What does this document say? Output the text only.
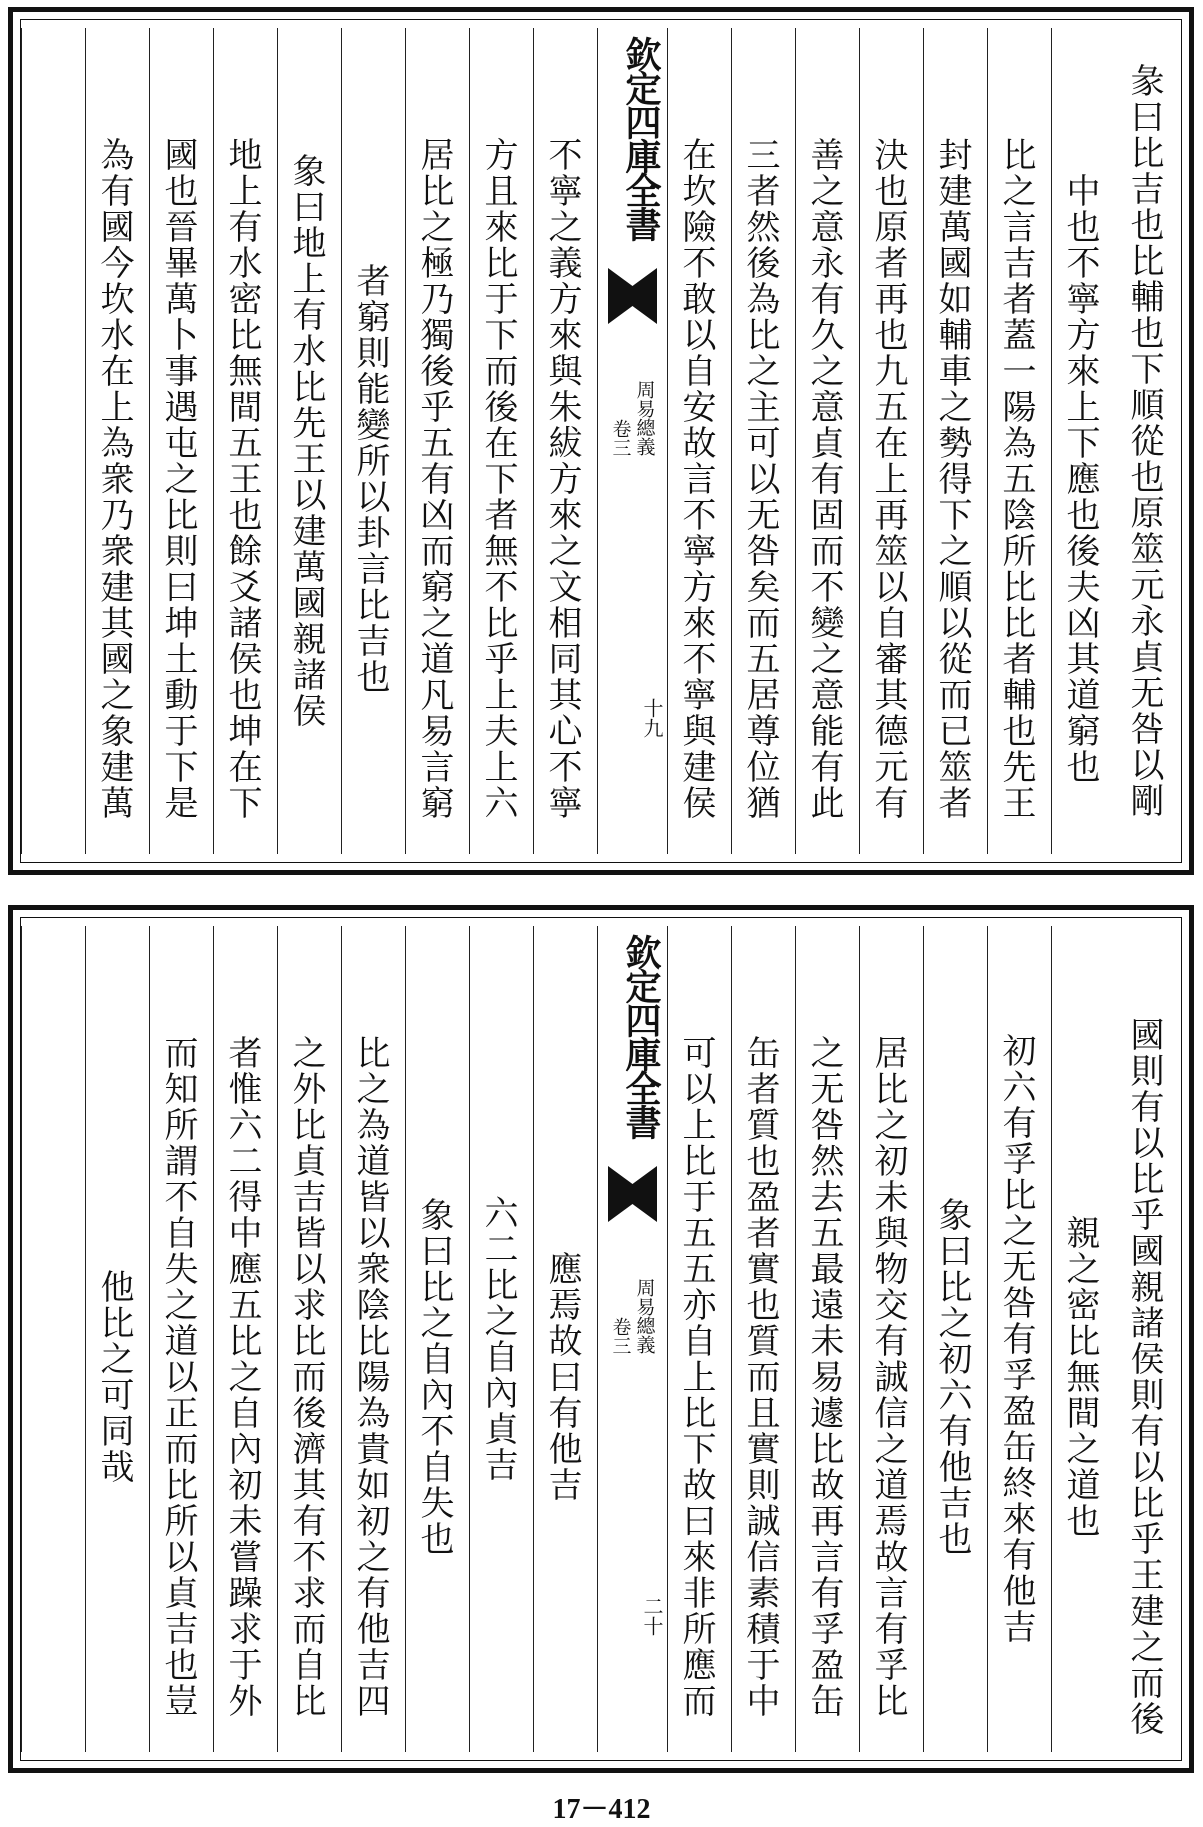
彖曰比吉也比輔也下順從也原筮元永貞无咎以剛
中也不寧方來上下應也後夫凶其道窮也
比之言吉者蓋一陽為五陰所比比者輔也先王
封建萬國如輔車之勢得下之順以從而已筮者
決也原者再也九五在上再筮以自審其德元有
善之意永有久之意貞有固而不變之意能有此
三者然後為比之主可以无咎矣而五居尊位猶
在坎險不敢以自安故言不寧方來不寧與建侯
欽定四庫全書
周易總義
卷三
十九
不寧之義方來與朱紱方來之文相同其心不寧
方且來比于下而後在下者無不比乎上夫上六
居比之極乃獨後乎五有凶而窮之道凡易言窮
者窮則能變所以卦言比吉也
象曰地上有水比先王以建萬國親諸侯
地上有水密比無間五王也餘爻諸侯也坤在下
國也晉畢萬卜事遇屯之比則曰坤土動于下是
為有國今坎水在上為衆乃衆建其國之象建萬
國則有以比乎國親諸侯則有以比乎王建之而後
親之密比無間之道也
初六有孚比之无咎有孚盈缶終來有他吉
象曰比之初六有他吉也
居比之初未與物交有誠信之道焉故言有孚比
之无咎然去五最遠未易遽比故再言有孚盈缶
缶者質也盈者實也質而且實則誠信素積于中
可以上比于五五亦自上比下故曰來非所應而
欽定四庫全書
周易總義
卷三
二十
應焉故曰有他吉
六二比之自內貞吉
象曰比之自內不自失也
比之為道皆以衆陰比陽為貴如初之有他吉四
之外比貞吉皆以求比而後濟其有不求而自比
者惟六二得中應五比之自內初未嘗躁求于外
而知所謂不自失之道以正而比所以貞吉也豈
他比之可同哉
17－412
